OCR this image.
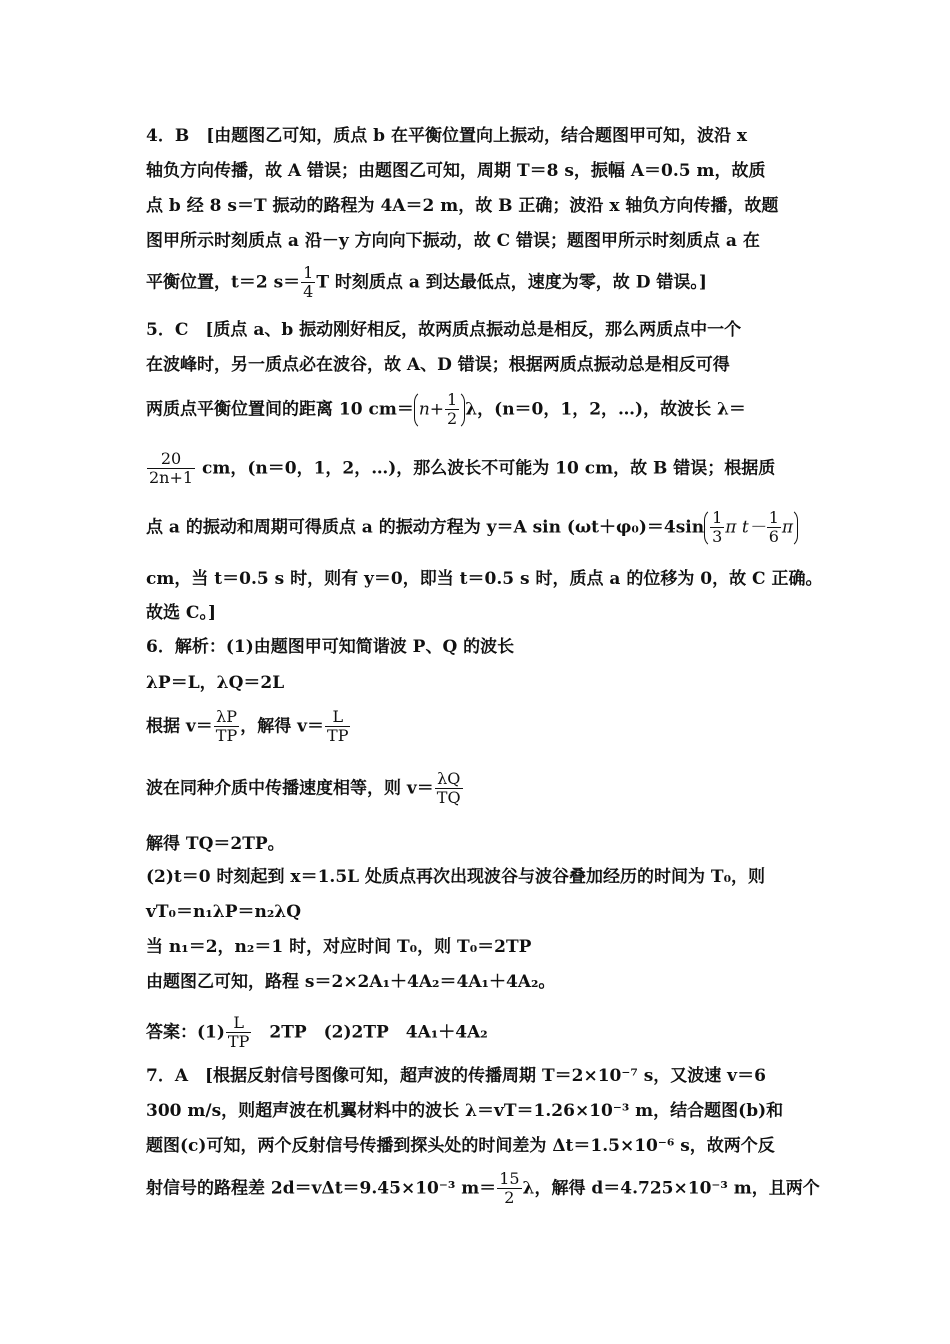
4．B　[由题图乙可知，质点 b 在平衡位置向上振动，结合题图甲可知，波沿 x
轴负方向传播，故 A 错误；由题图乙可知，周期 T＝8 s，振幅 A＝0.5 m，故质
点 b 经 8 s＝T 振动的路程为 4A＝2 m，故 B 正确；波沿 x 轴负方向传播，故题
图甲所示时刻质点 a 沿－y 方向向下振动，故 C 错误；题图甲所示时刻质点 a 在
平衡位置，t＝2 $s= \frac{1}{4}$ T 时刻质点 a 到达最低点，速度为零，故 D 错误。]
5．C　[质点 a、b 振动刚好相反，故两质点振动总是相反，那么两质点中一个
在波峰时，另一质点必在波谷，故 A、D 错误；根据两质点振动总是相反可得
两质点平衡位置间的距离 10 $cm= n+ \frac{1}{2}$ λ，(n＝0，1，2，…)，故波长 λ＝
$\frac{20}{2n+1}$ cm，(n＝0，1，2，…)，那么波长不可能为 10 cm，故 B 错误；根据质
点 a 的振动和周期可得质点 a 的振动方程为 y＝A $\sin (\omega t+\varphi_0)=4\sin \frac{1}{3}$ π $t- \frac{1}{6}$ π
cm，当 t＝0.5 s 时，则有 y＝0，即当 t＝0.5 s 时，质点 a 的位移为 0，故 C 正确。
故选 C。]
6．解析：(1)由题图甲可知简谐波 P、Q 的波长
λP＝L，λQ＝2L
根据 $v= \frac{\lambda P}{TP}$ ，解得 $v= \frac{L}{TP}$
波在同种介质中传播速度相等，则 $v= \frac{\lambda Q}{TQ}$
解得 TQ＝2TP。
(2)t＝0 时刻起到 x＝1.5L 处质点再次出现波谷与波谷叠加经历的时间为 T₀，则
vT₀＝n₁λP＝n₂λQ
当 n₁＝2，n₂＝1 时，对应时间 T₀，则 T₀＝2TP
由题图乙可知，路程 s＝2×2A₁＋4A₂＝4A₁＋4A₂。
答案：$(1) \frac{L}{TP}$ 　2TP　(2)2TP　4A₁＋4A₂
7．A　[根据反射信号图像可知，超声波的传播周期 T＝2×10⁻⁷ s，又波速 v＝6
300 m/s，则超声波在机翼材料中的波长 λ＝vT＝1.26×10⁻³ m，结合题图(b)和
题图(c)可知，两个反射信号传播到探头处的时间差为 Δt＝1.5×10⁻⁶ s，故两个反
射信号的路程差 2d＝vΔt＝9.45×10⁻³ $m= \frac{15}{2}$ λ，解得 d＝4.725×10⁻³ m，且两个
